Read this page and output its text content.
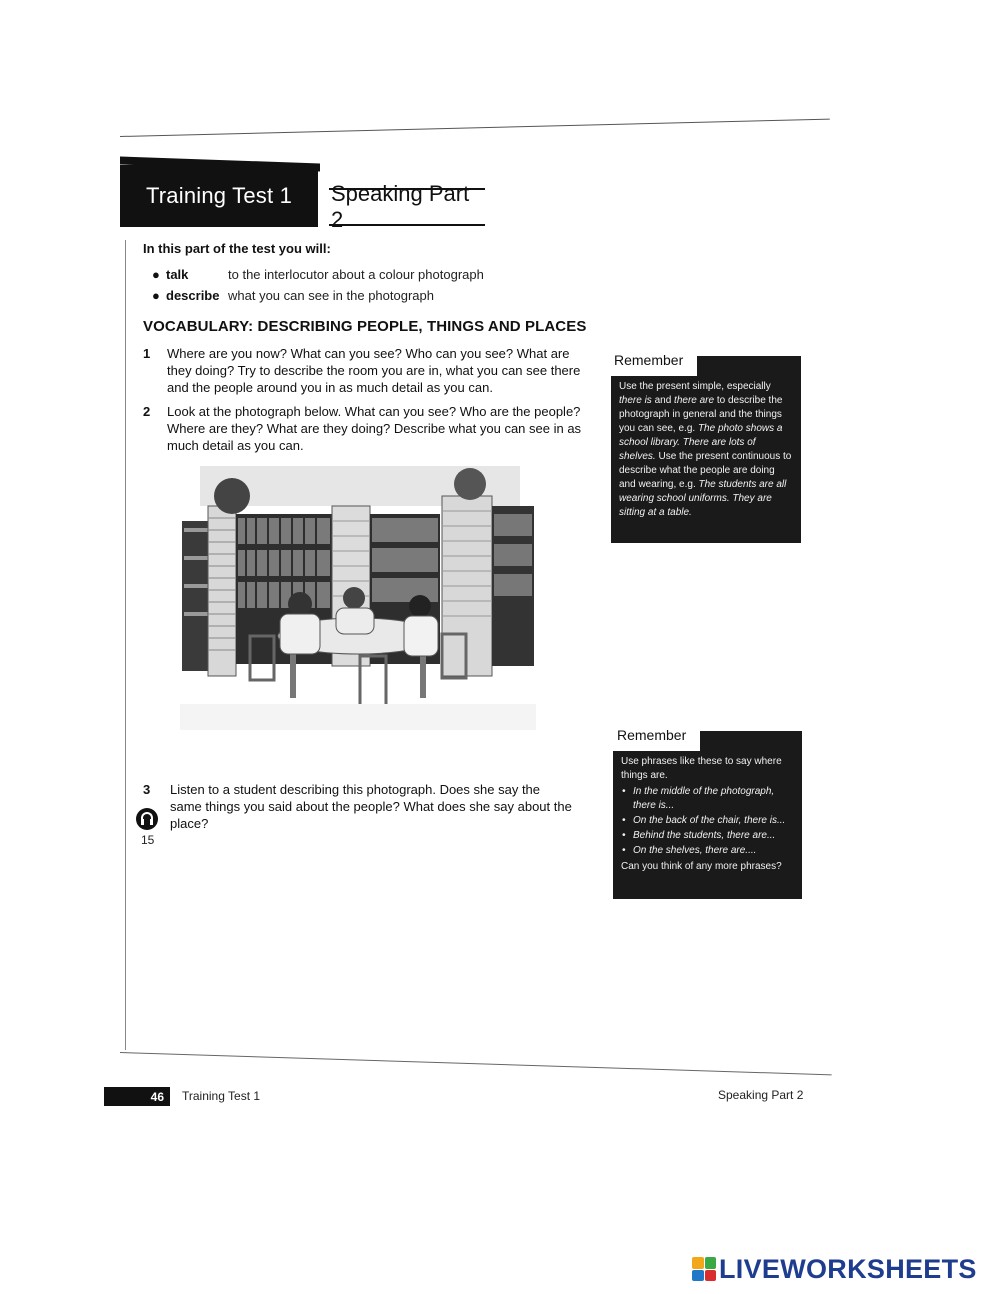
Training Test 1	Speaking Part 2
In this part of the test you will:
● talk	to the interlocutor about a colour photograph
● describe what you can see in the photograph
VOCABULARY: DESCRIBING PEOPLE, THINGS AND PLACES
1 Where are you now? What can you see? Who can you see? What are they doing? Try to describe the room you are in, what you can see there and the people around you in as much detail as you can.
2 Look at the photograph below. What can you see? Who are the people? Where are they? What are they doing? Describe what you can see in as much detail as you can.
3 Listen to a student describing this photograph. Does she say the same things you said about the people? What does she say about the place?
15
Remember
Use the present simple, especially there is and there are to describe the photograph in general and the things you can see, e.g. The photo shows a school library. There are lots of shelves. Use the present continuous to describe what the people are doing and wearing, e.g. The students are all wearing school uniforms. They are sitting at a table.
Remember
Use phrases like these to say where things are.
• In the middle of the photograph, there is...
• On the back of the chair, there is...
• Behind the students, there are...
• On the shelves, there are....
Can you think of any more phrases?
46	Training Test 1	Speaking Part 2
LIVEWORKSHEETS
